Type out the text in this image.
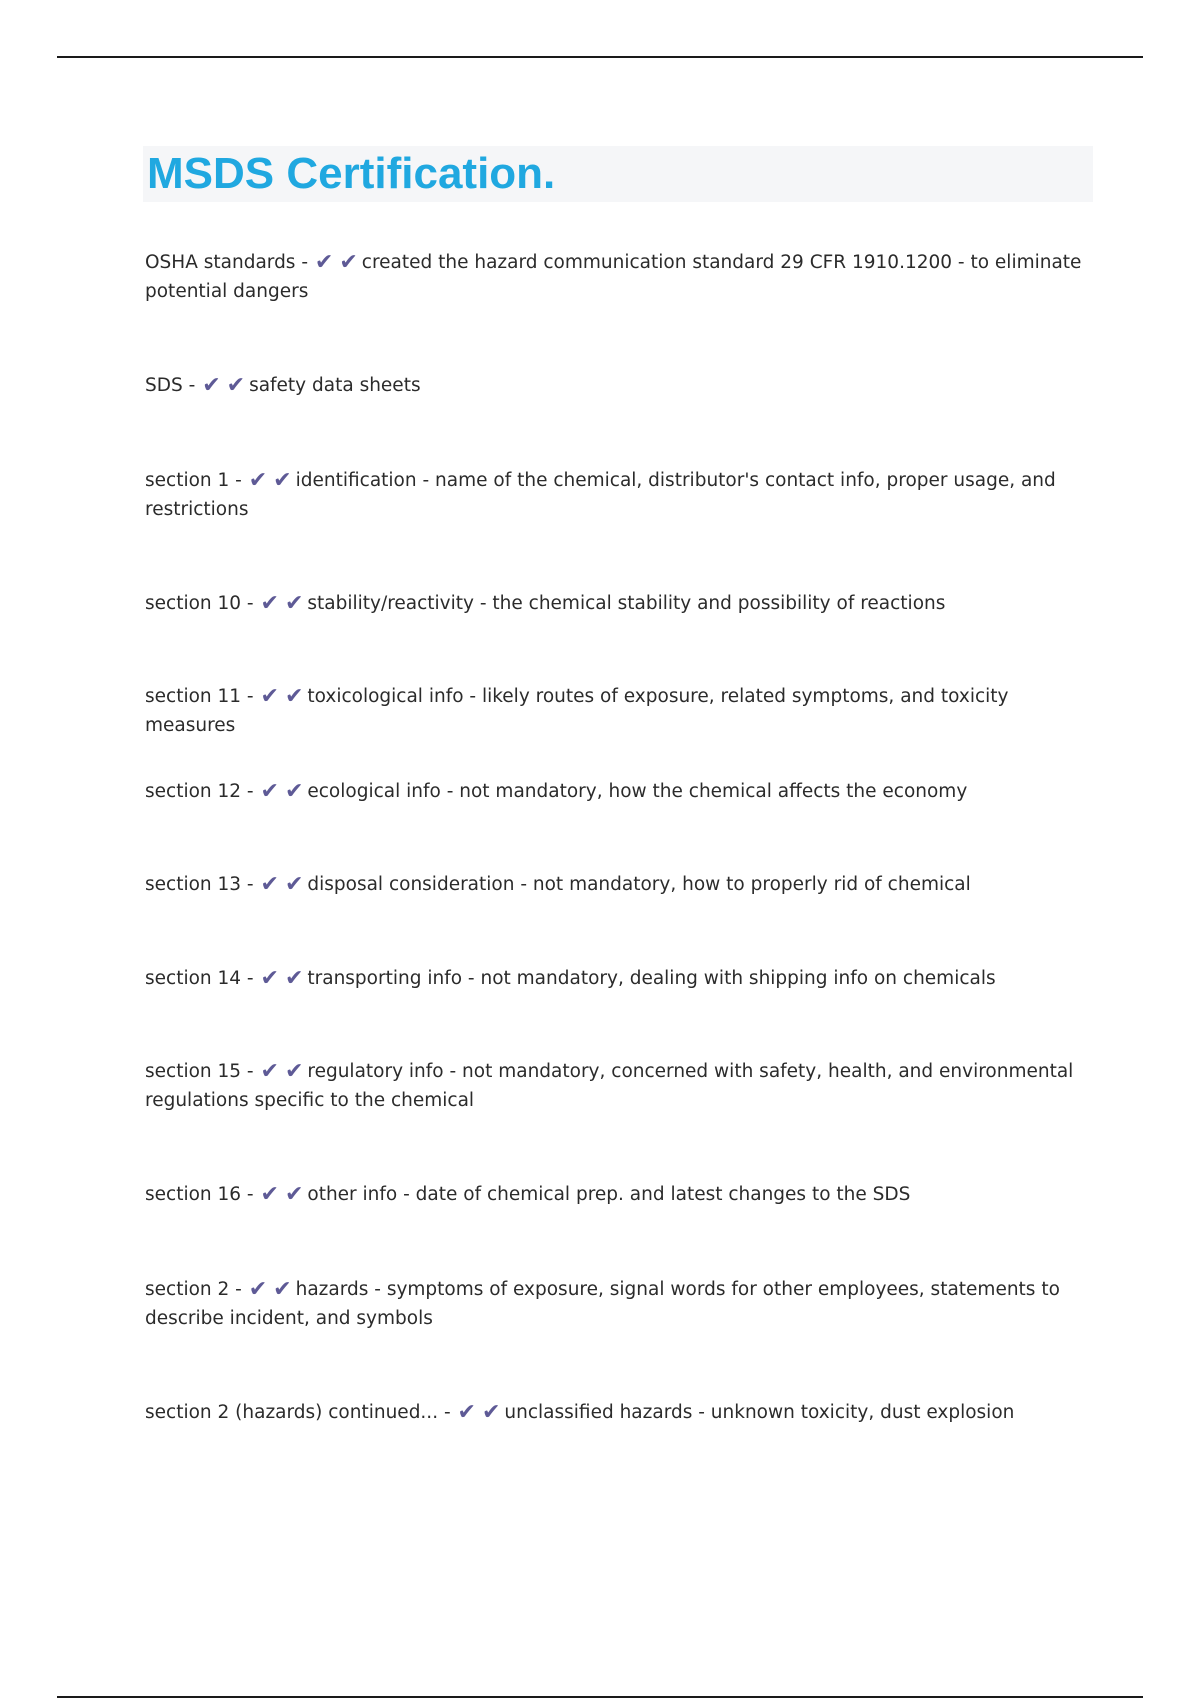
MSDS Certification.
OSHA standards - ✔ ✔ created the hazard communication standard 29 CFR 1910.1200 - to eliminate potential dangers
SDS - ✔ ✔ safety data sheets
section 1 - ✔ ✔ identification - name of the chemical, distributor's contact info, proper usage, and restrictions
section 10 - ✔ ✔ stability/reactivity - the chemical stability and possibility of reactions
section 11 - ✔ ✔ toxicological info - likely routes of exposure, related symptoms, and toxicity measures
section 12 - ✔ ✔ ecological info - not mandatory, how the chemical affects the economy
section 13 - ✔ ✔ disposal consideration - not mandatory, how to properly rid of chemical
section 14 - ✔ ✔ transporting info - not mandatory, dealing with shipping info on chemicals
section 15 - ✔ ✔ regulatory info - not mandatory, concerned with safety, health, and environmental regulations specific to the chemical
section 16 - ✔ ✔ other info - date of chemical prep. and latest changes to the SDS
section 2 - ✔ ✔ hazards - symptoms of exposure, signal words for other employees, statements to describe incident, and symbols
section 2 (hazards) continued... - ✔ ✔ unclassified hazards - unknown toxicity, dust explosion
